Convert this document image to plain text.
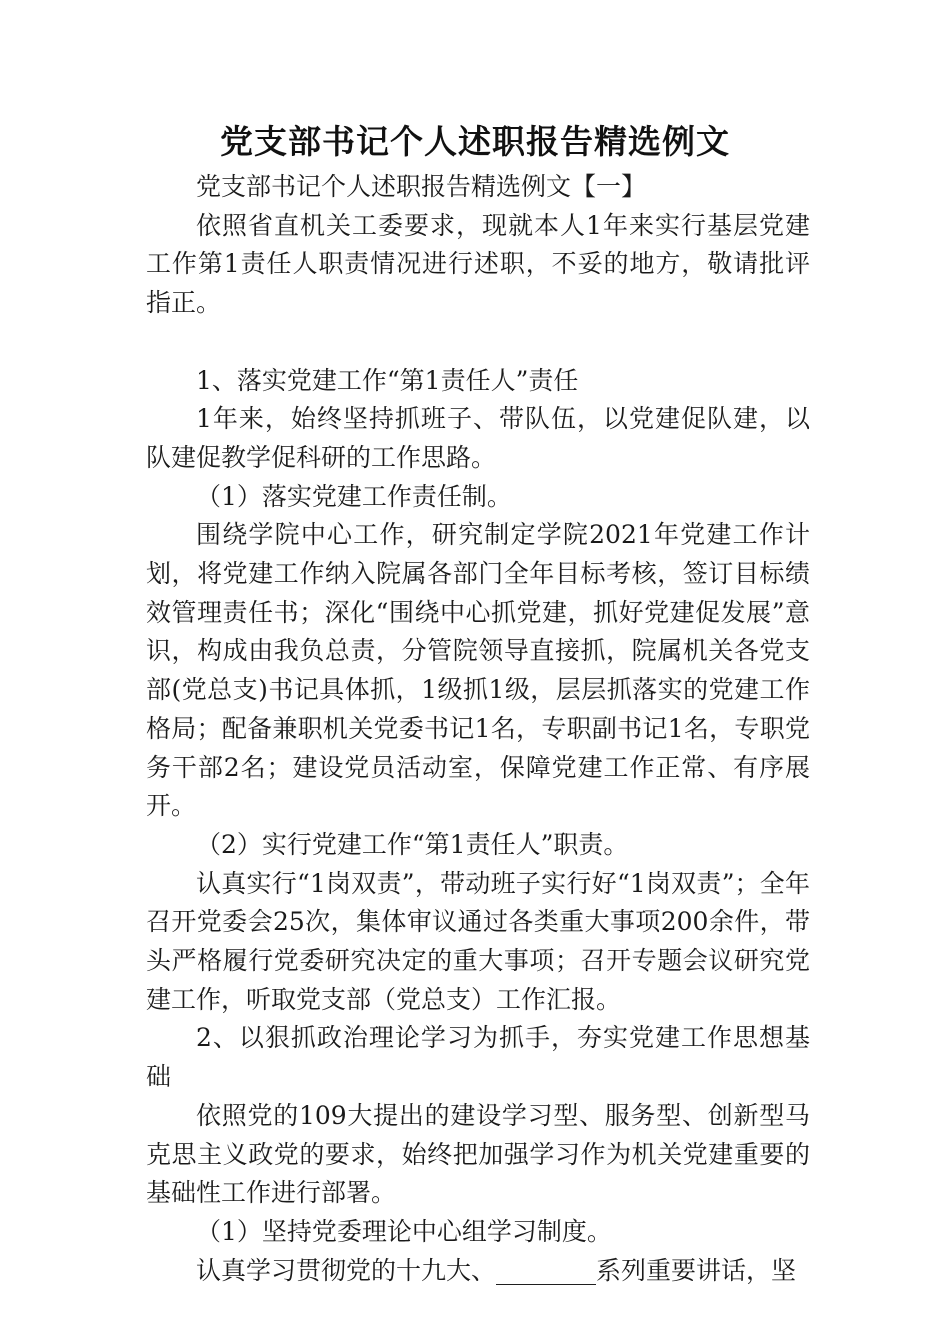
党支部书记个人述职报告精选例文

党支部书记个人述职报告精选例文【一】

依照省直机关工委要求，现就本人1年来实行基层党建工作第1责任人职责情况进行述职，不妥的地方，敬请批评指正。

1、落实党建工作“第1责任人”责任

1年来，始终坚持抓班子、带队伍，以党建促队建，以队建促教学促科研的工作思路。

（1）落实党建工作责任制。

围绕学院中心工作，研究制定学院2021年党建工作计划，将党建工作纳入院属各部门全年目标考核，签订目标绩效管理责任书；深化“围绕中心抓党建，抓好党建促发展”意识，构成由我负总责，分管院领导直接抓，院属机关各党支部(党总支)书记具体抓，1级抓1级，层层抓落实的党建工作格局；配备兼职机关党委书记1名，专职副书记1名，专职党务干部2名；建设党员活动室，保障党建工作正常、有序展开。

（2）实行党建工作“第1责任人”职责。

认真实行“1岗双责”，带动班子实行好“1岗双责”；全年召开党委会25次，集体审议通过各类重大事项200余件，带头严格履行党委研究决定的重大事项；召开专题会议研究党建工作，听取党支部（党总支）工作汇报。

2、以狠抓政治理论学习为抓手，夯实党建工作思想基础

依照党的109大提出的建设学习型、服务型、创新型马克思主义政党的要求，始终把加强学习作为机关党建重要的基础性工作进行部署。

（1）坚持党委理论中心组学习制度。

认真学习贯彻党的十九大、________系列重要讲话，坚
